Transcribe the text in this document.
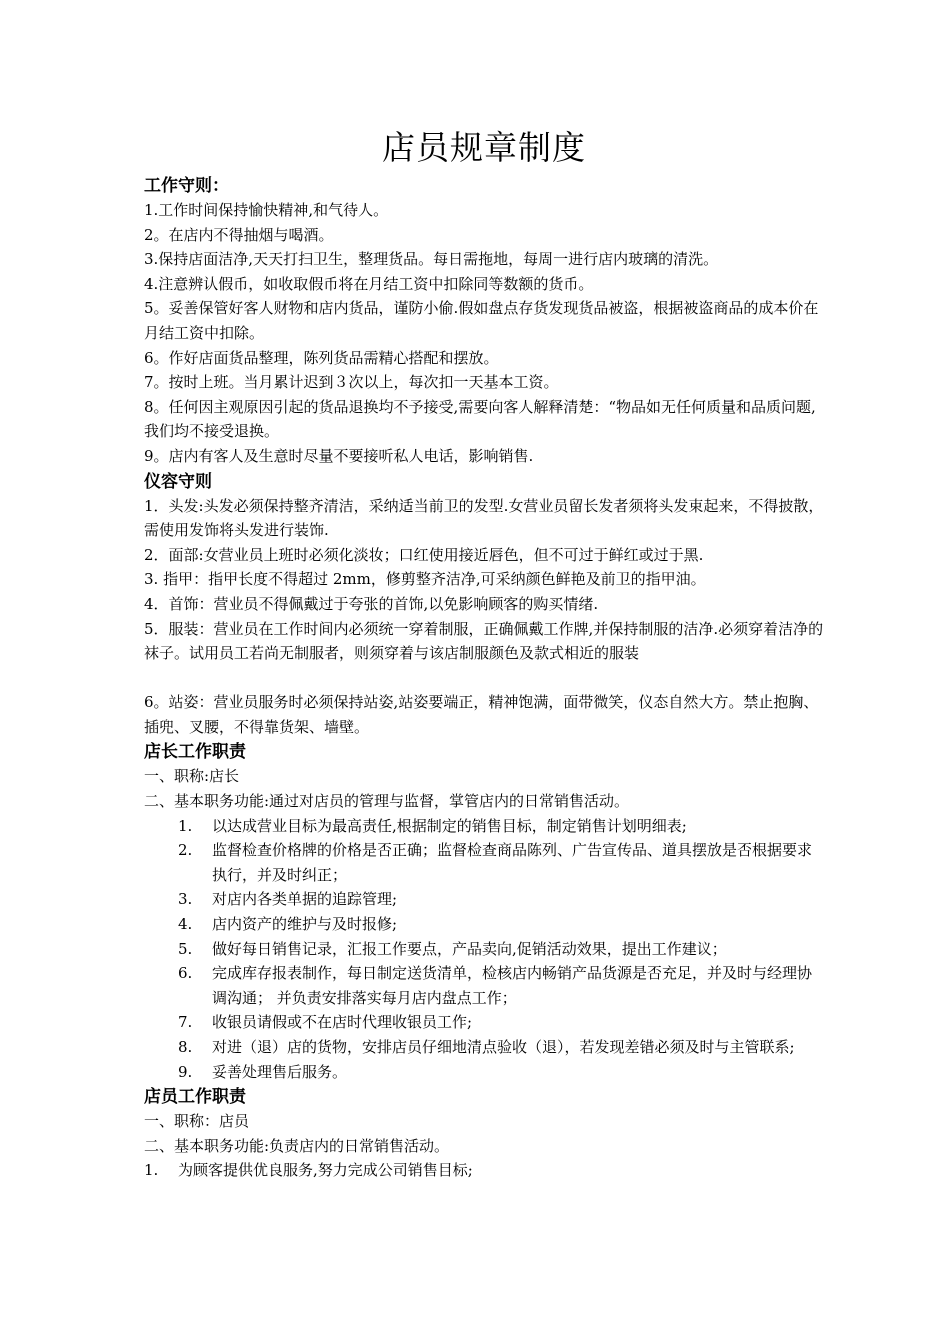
店员规章制度
工作守则：

1.工作时间保持愉快精神,和气待人。

2。在店内不得抽烟与喝酒。

3.保持店面洁净,天天打扫卫生，整理货品。每日需拖地，每周一进行店内玻璃的清洗。

4.注意辨认假币，如收取假币将在月结工资中扣除同等数额的货币。

5。妥善保管好客人财物和店内货品，谨防小偷.假如盘点存货发现货品被盗，根据被盗商品的成本价在月结工资中扣除。

6。作好店面货品整理，陈列货品需精心搭配和摆放。

7。按时上班。当月累计迟到３次以上，每次扣一天基本工资。

8。任何因主观原因引起的货品退换均不予接受,需要向客人解释清楚：“物品如无任何质量和品质问题,我们均不接受退换。

9。店内有客人及生意时尽量不要接听私人电话，影响销售.

仪容守则

1．头发:头发必须保持整齐清洁，采纳适当前卫的发型.女营业员留长发者须将头发束起来，不得披散，需使用发饰将头发进行装饰.

2．面部:女营业员上班时必须化淡妆；口红使用接近唇色，但不可过于鲜红或过于黑.

3. 指甲：指甲长度不得超过 2mm，修剪整齐洁净,可采纳颜色鲜艳及前卫的指甲油。

4．首饰：营业员不得佩戴过于夸张的首饰,以免影响顾客的购买情绪.

5．服装：营业员在工作时间内必须统一穿着制服，正确佩戴工作牌,并保持制服的洁净.必须穿着洁净的袜子。试用员工若尚无制服者，则须穿着与该店制服颜色及款式相近的服装

6。站姿：营业员服务时必须保持站姿,站姿要端正，精神饱满，面带微笑，仪态自然大方。禁止抱胸、插兜、叉腰，不得靠货架、墙壁。

店长工作职责

一、职称:店长

二、基本职务功能:通过对店员的管理与监督，掌管店内的日常销售活动。

1.	以达成营业目标为最高责任,根据制定的销售目标，制定销售计划明细表;
2.	监督检查价格牌的价格是否正确；监督检查商品陈列、广告宣传品、道具摆放是否根据要求执行，并及时纠正；
3.	对店内各类单据的追踪管理;
4.	店内资产的维护与及时报修;
5.	做好每日销售记录，汇报工作要点，产品卖向,促销活动效果，提出工作建议；
6.	完成库存报表制作，每日制定送货清单，检核店内畅销产品货源是否充足，并及时与经理协调沟通； 并负责安排落实每月店内盘点工作；
7.	收银员请假或不在店时代理收银员工作;
8.	对进（退）店的货物，安排店员仔细地清点验收（退），若发现差错必须及时与主管联系;
9.	妥善处理售后服务。
店员工作职责

一、职称：店员

二、基本职务功能:负责店内的日常销售活动。

1.	为顾客提供优良服务,努力完成公司销售目标;
